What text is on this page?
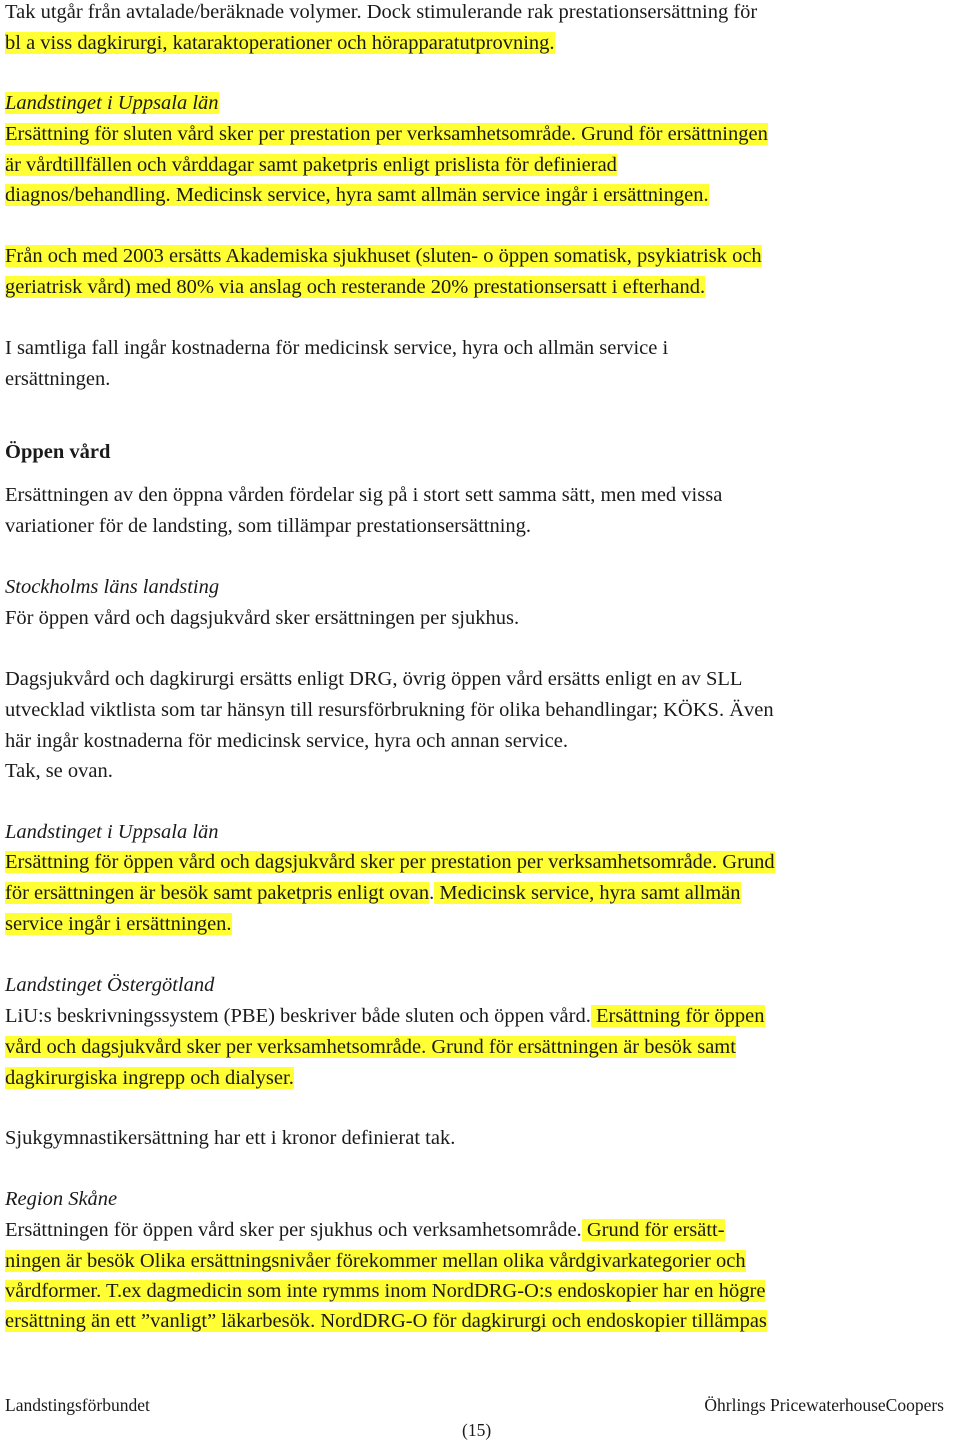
Tak utgår från avtalade/beräknade volymer. Dock stimulerande rak prestationsersättning för
bl a viss dagkirurgi, kataraktoperationer och hörapparatutprovning.
Landstinget i Uppsala län
Ersättning för sluten vård sker per prestation per verksamhetsområde. Grund för ersättningen
är vårdtillfällen och vårddagar samt paketpris enligt prislista för definierad
diagnos/behandling. Medicinsk service, hyra samt allmän service ingår i ersättningen.
Från och med 2003 ersätts Akademiska sjukhuset (sluten- o öppen somatisk, psykiatrisk och
geriatrisk vård) med 80% via anslag och resterande 20% prestationsersatt i efterhand.
I samtliga fall ingår kostnaderna för medicinsk service, hyra och allmän service i
ersättningen.
Öppen vård
Ersättningen av den öppna vården fördelar sig på i stort sett samma sätt, men med vissa
variationer för de landsting, som tillämpar prestationsersättning.
Stockholms läns landsting
För öppen vård och dagsjukvård sker ersättningen per sjukhus.
Dagsjukvård och dagkirurgi ersätts enligt DRG, övrig öppen vård ersätts enligt en av SLL
utvecklad viktlista som tar hänsyn till resursförbrukning för olika behandlingar; KÖKS. Även
här ingår kostnaderna för medicinsk service, hyra och annan service.
Tak, se ovan.
Landstinget i Uppsala län
Ersättning för öppen vård och dagsjukvård sker per prestation per verksamhetsområde. Grund
för ersättningen är besök samt paketpris enligt ovan. Medicinsk service, hyra samt allmän
service ingår i ersättningen.
Landstinget Östergötland
LiU:s beskrivningssystem (PBE) beskriver både sluten och öppen vård. Ersättning för öppen
vård och dagsjukvård sker per verksamhetsområde. Grund för ersättningen är besök samt
dagkirurgiska ingrepp och dialyser.
Sjukgymnastikersättning har ett i kronor definierat tak.
Region Skåne
Ersättningen för öppen vård sker per sjukhus och verksamhetsområde. Grund för ersätt-
ningen är besök Olika ersättningsnivåer förekommer mellan olika vårdgivarkategorier och
vårdformer. T.ex dagmedicin som inte rymms inom NordDRG-O:s endoskopier har en högre
ersättning än ett ”vanligt” läkarbesök. NordDRG-O för dagkirurgi och endoskopier tillämpas
Landstingsförbundet	Öhrlings PricewaterhouseCoopers
(15)
